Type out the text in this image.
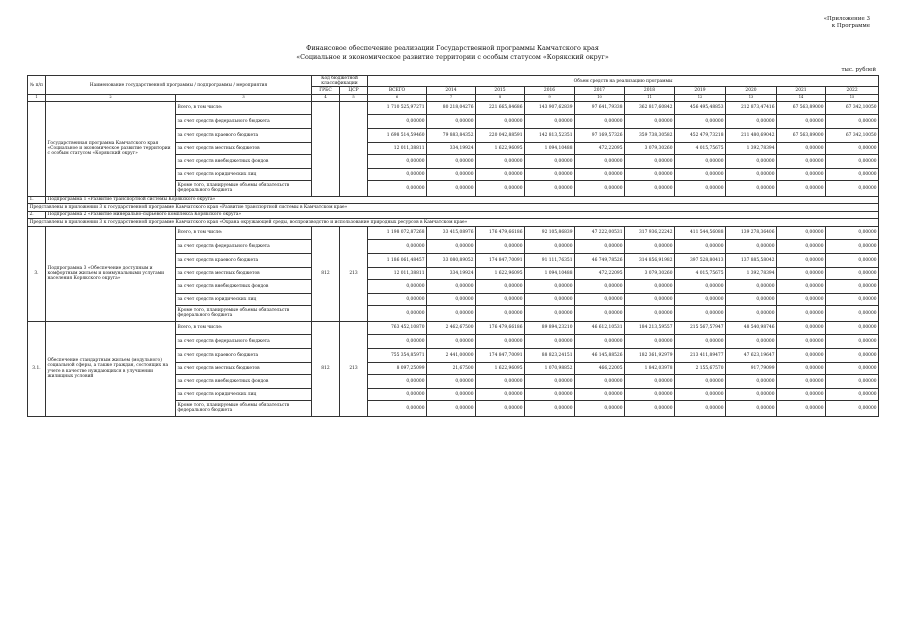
«Приложение 3
к Программе
Финансовое обеспечение реализации Государственной программы Камчатского края
«Социальное и экономическое развитие территории с особым статусом «Корякский округ»
тыс. рублей
№ п/п	Наименование государственной программы / подпрограммы / мероприятия		Код бюджетной классификации		Объем средств на реализацию программы									
			ГРБС	ЦСР	ВСЕГО	2014	2015	2016	2017	2018	2019	2020	2021	2022
1	2	3	4	5	6	7	8	9	10	11	12	13	14	15
	Государственная программа Камчатского края «Социальное и экономическое развитие территории с особым статусом «Корякский округ»	Всего, в том числе:			1 710 525,97271	80 218,04276	221 665,84686	143 907,62839	97 641,79338	362 817,60842	456 495,48853	212 873,47416	67 563,89000	67 342,10050
		за счет средств федерального бюджета			0,00000	0,00000	0,00000	0,00000	0,00000	0,00000	0,00000	0,00000	0,00000	0,00000
		за счет средств краевого бюджета			1 698 514,59460	79 883,84352	220 042,88591	142 813,52351	97 169,57326	359 738,30582	452 479,73218	211 480,69042	67 563,89000	67 342,10050
		за счет средств местных бюджетов			12 011,38811	334,19924	1 622,96095	1 094,10488	472,22095	3 079,30260	4 015,75675	1 392,78394	0,00000	0,00000
		за счет средств внебюджетных фондов			0,00000	0,00000	0,00000	0,00000	0,00000	0,00000	0,00000	0,00000	0,00000	0,00000
		за счет средств юридических лиц			0,00000	0,00000	0,00000	0,00000	0,00000	0,00000	0,00000	0,00000	0,00000	0,00000
		Кроме того, планируемые объемы обязательств федерального бюджета			0,00000	0,00000	0,00000	0,00000	0,00000	0,00000	0,00000	0,00000	0,00000	0,00000
1.	Подпрограмма 1 «Развитие транспортной системы Корякского округа»													
Представлены в приложении 3 к государственной программе Камчатского края «Развитие транспортной системы в Камчатском крае»														
2.	Подпрограмма 2 «Развитие минерально-сырьевого комплекса Корякского округа»													
Представлены в приложении 3 к государственной программе Камчатского края «Охрана окружающей среды, воспроизводство и использование природных ресурсов в Камчатском крае»														
3.	Подпрограмма 3 «Обеспечение доступным и комфортным жильем и коммунальными услугами населения Корякского округа»	Всего, в том числе:	812	213	1 198 072,87268	33 415,08976	176 479,66186	92 105,86839	47 222,00531	317 936,22242	411 544,56088	139 278,36406	0,00000	0,00000
		за счет средств федерального бюджета			0,00000	0,00000	0,00000	0,00000	0,00000	0,00000	0,00000	0,00000	0,00000	0,00000
		за счет средств краевого бюджета			1 186 061,48457	33 080,89052	174 847,70091	91 111,76351	46 749,78526	314 856,91982	397 528,80413	137 885,58042	0,00000	0,00000
		за счет средств местных бюджетов			12 011,38811	334,19924	1 622,96095	1 094,10488	472,22095	3 079,30260	4 015,75675	1 392,78394	0,00000	0,00000
		за счет средств внебюджетных фондов			0,00000	0,00000	0,00000	0,00000	0,00000	0,00000	0,00000	0,00000	0,00000	0,00000
		за счет средств юридических лиц			0,00000	0,00000	0,00000	0,00000	0,00000	0,00000	0,00000	0,00000	0,00000	0,00000
		Кроме того, планируемые объемы обязательств федерального бюджета			0,00000	0,00000	0,00000	0,00000	0,00000	0,00000	0,00000	0,00000	0,00000	0,00000
3.1.	Обеспечение стандартным жильем (модульного) социальной сферы, а также граждан, состоящих на учете в качестве нуждающихся в улучшении жилищных условий	Всего, в том числе:	812	213	763 452,10870	2 462,67500	176 479,66186	89 894,23210	46 612,10531	184 213,59557	215 567,57947	48 540,98746	0,00000	0,00000
		за счет средств федерального бюджета			0,00000	0,00000	0,00000	0,00000	0,00000	0,00000	0,00000	0,00000	0,00000	0,00000
		за счет средств краевого бюджета			755 354,85971	2 441,00000	174 847,70091	88 823,24151	46 145,88526	182 361,92979	213 411,89477	47 623,19647	0,00000	0,00000
		за счет средств местных бюджетов			8 097,25099	21,67500	1 622,96095	1 070,98852	466,22005	1 842,03978	2 155,67570	917,79099	0,00000	0,00000
		за счет средств внебюджетных фондов			0,00000	0,00000	0,00000	0,00000	0,00000	0,00000	0,00000	0,00000	0,00000	0,00000
		за счет средств юридических лиц			0,00000	0,00000	0,00000	0,00000	0,00000	0,00000	0,00000	0,00000	0,00000	0,00000
		Кроме того, планируемые объемы обязательств федерального бюджета			0,00000	0,00000	0,00000	0,00000	0,00000	0,00000	0,00000	0,00000	0,00000	0,00000
